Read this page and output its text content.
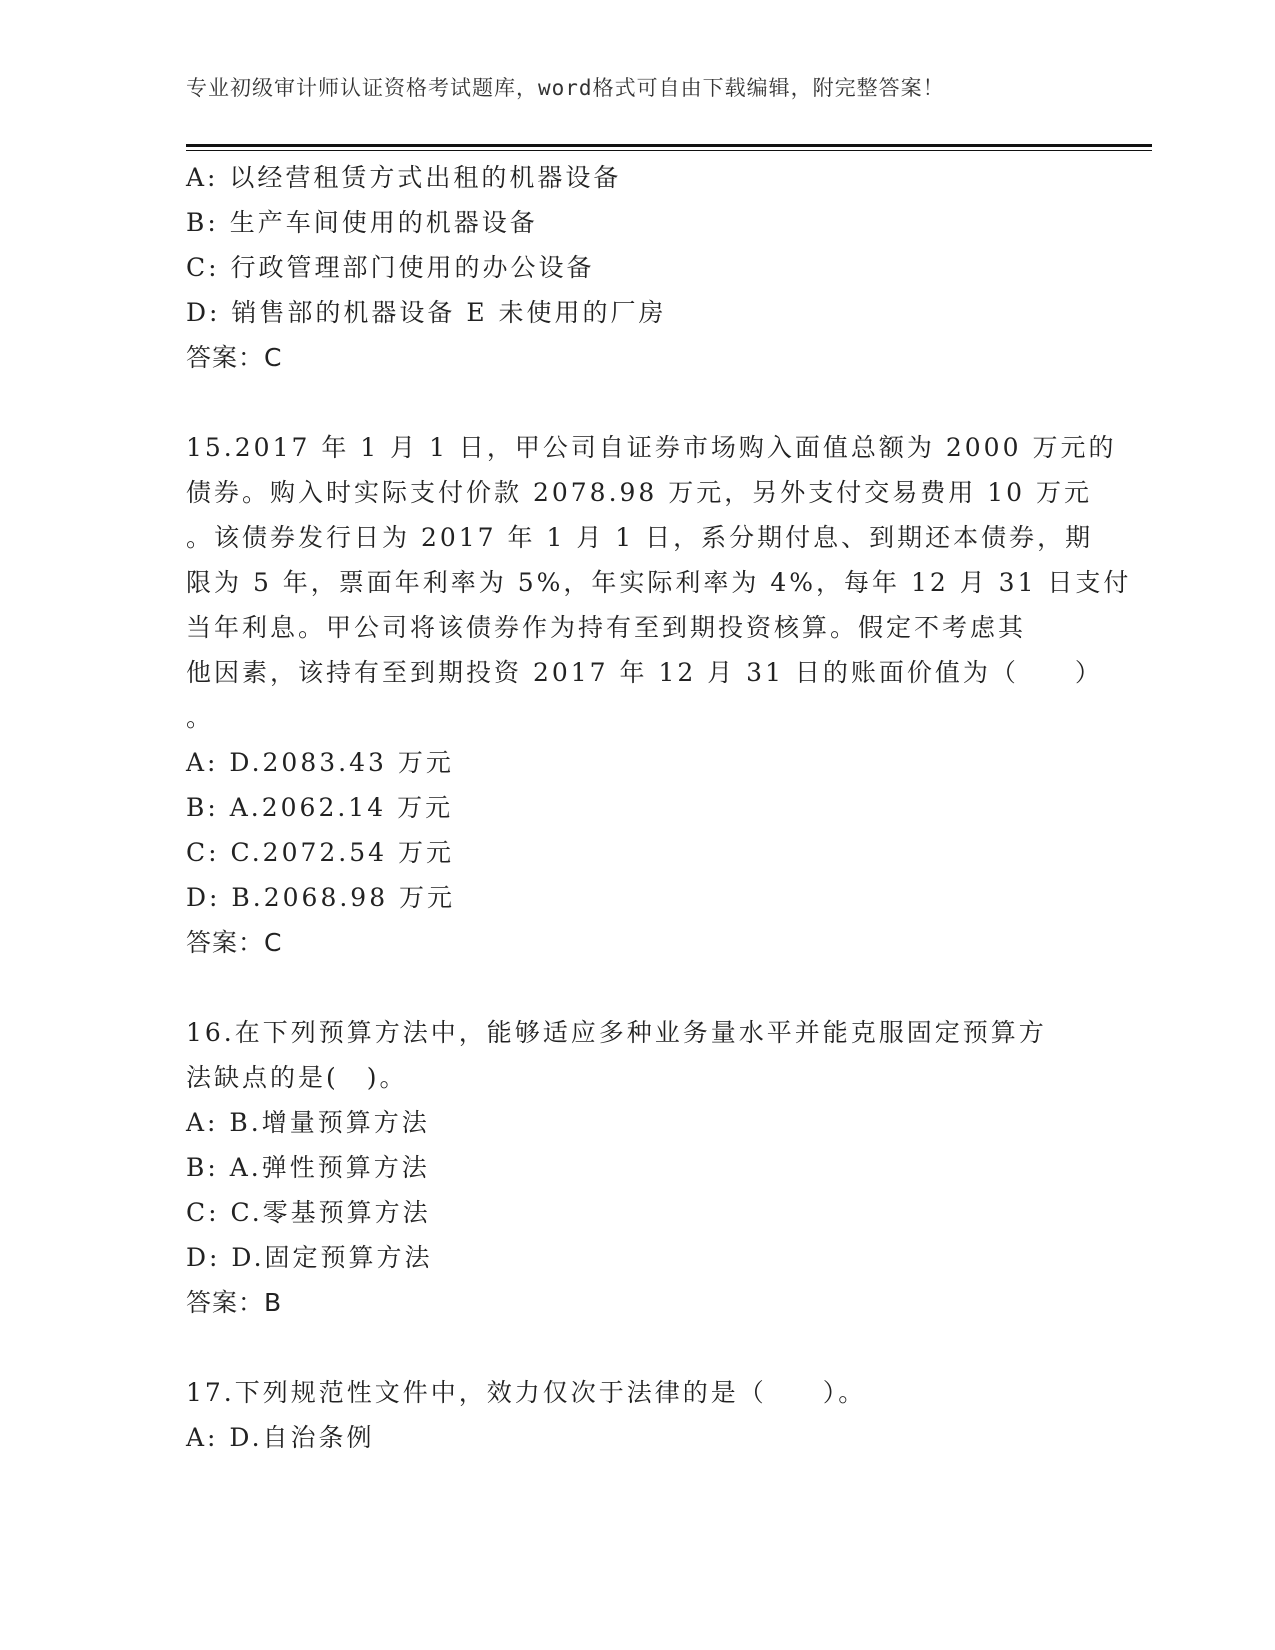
专业初级审计师认证资格考试题库，word格式可自由下载编辑，附完整答案！
A: 以经营租赁方式出租的机器设备
B: 生产车间使用的机器设备
C: 行政管理部门使用的办公设备
D: 销售部的机器设备 E 未使用的厂房
答案：C
15.2017 年 1 月 1 日，甲公司自证券市场购入面值总额为 2000 万元的
债券。购入时实际支付价款 2078.98 万元，另外支付交易费用 10 万元
。该债券发行日为 2017 年 1 月 1 日，系分期付息、到期还本债券，期
限为 5 年，票面年利率为 5%，年实际利率为 4%，每年 12 月 31 日支付
当年利息。甲公司将该债券作为持有至到期投资核算。假定不考虑其
他因素，该持有至到期投资 2017 年 12 月 31 日的账面价值为（　　）
。
A: D.2083.43 万元
B: A.2062.14 万元
C: C.2072.54 万元
D: B.2068.98 万元
答案：C
16.在下列预算方法中，能够适应多种业务量水平并能克服固定预算方
法缺点的是(　)。
A: B.增量预算方法
B: A.弹性预算方法
C: C.零基预算方法
D: D.固定预算方法
答案：B
17.下列规范性文件中，效力仅次于法律的是（　　）。
A: D.自治条例
